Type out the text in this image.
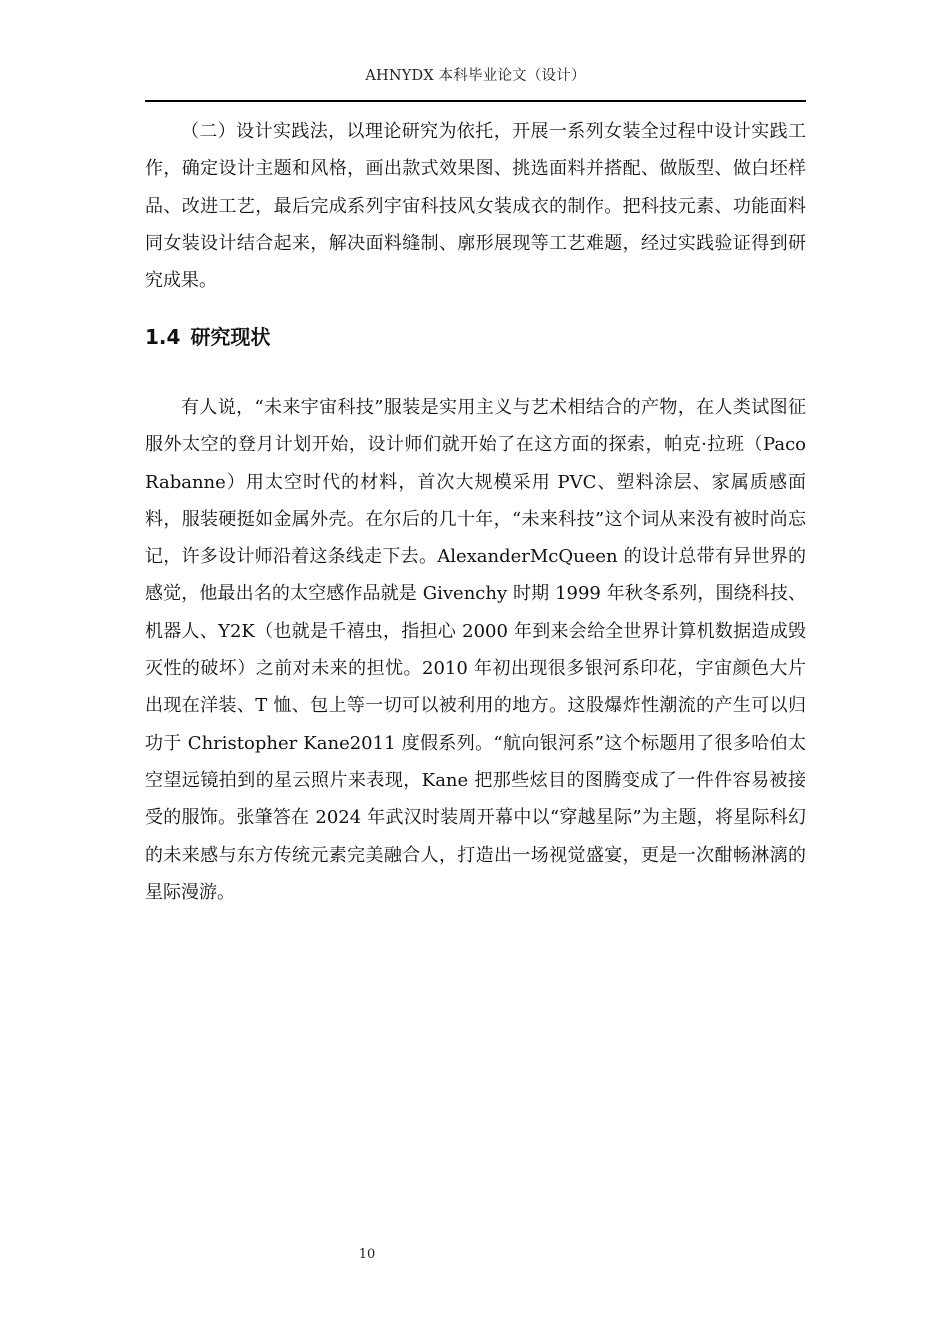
AHNYDX 本科毕业论文（设计）

（二）设计实践法，以理论研究为依托，开展一系列女装全过程中设计实践工作，确定设计主题和风格，画出款式效果图、挑选面料并搭配、做版型、做白坯样品、改进工艺，最后完成系列宇宙科技风女装成衣的制作。把科技元素、功能面料同女装设计结合起来，解决面料缝制、廓形展现等工艺难题，经过实践验证得到研究成果。

1.4 研究现状

有人说，“未来宇宙科技”服装是实用主义与艺术相结合的产物，在人类试图征服外太空的登月计划开始，设计师们就开始了在这方面的探索，帕克·拉班（Paco Rabanne）用太空时代的材料，首次大规模采用 PVC、塑料涂层、家属质感面料，服装硬挺如金属外壳。在尔后的几十年，“未来科技”这个词从来没有被时尚忘记，许多设计师沿着这条线走下去。AlexanderMcQueen 的设计总带有异世界的感觉，他最出名的太空感作品就是 Givenchy 时期 1999 年秋冬系列，围绕科技、机器人、Y2K（也就是千禧虫，指担心 2000 年到来会给全世界计算机数据造成毁灭性的破坏）之前对未来的担忧。2010 年初出现很多银河系印花，宇宙颜色大片出现在洋装、T 恤、包上等一切可以被利用的地方。这股爆炸性潮流的产生可以归功于 Christopher Kane2011 度假系列。“航向银河系”这个标题用了很多哈伯太空望远镜拍到的星云照片来表现，Kane 把那些炫目的图腾变成了一件件容易被接受的服饰。张肇答在 2024 年武汉时装周开幕中以“穿越星际”为主题，将星际科幻的未来感与东方传统元素完美融合人，打造出一场视觉盛宴，更是一次酣畅淋漓的星际漫游。

10
